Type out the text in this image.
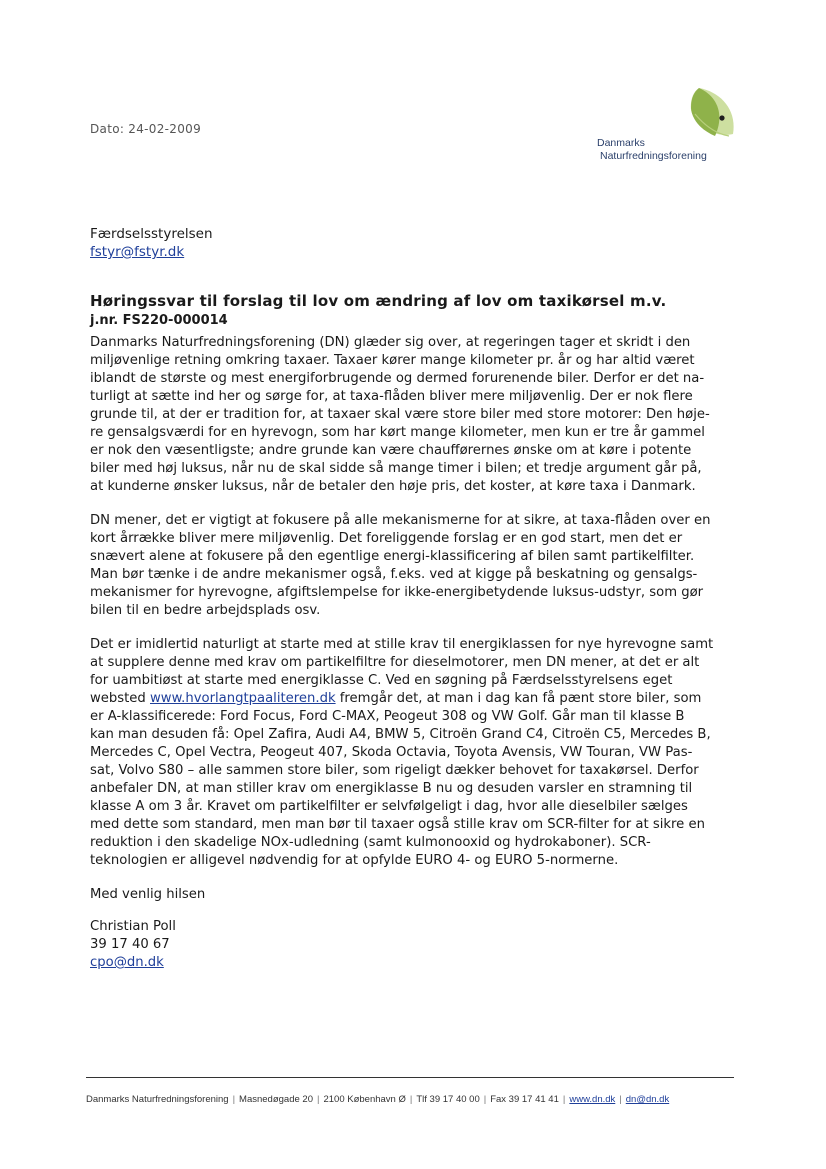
Dato: 24-02-2009
Danmarks
Naturfredningsforening
Færdselsstyrelsen
fstyr@fstyr.dk
Høringssvar til forslag til lov om ændring af lov om taxikørsel m.v.
j.nr. FS220-000014

Danmarks Naturfredningsforening (DN) glæder sig over, at regeringen tager et skridt i den
miljøvenlige retning omkring taxaer. Taxaer kører mange kilometer pr. år og har altid været
iblandt de største og mest energiforbrugende og dermed forurenende biler. Derfor er det na-
turligt at sætte ind her og sørge for, at taxa-flåden bliver mere miljøvenlig. Der er nok flere
grunde til, at der er tradition for, at taxaer skal være store biler med store motorer: Den høje-
re gensalgsværdi for en hyrevogn, som har kørt mange kilometer, men kun er tre år gammel
er nok den væsentligste; andre grunde kan være chaufførernes ønske om at køre i potente
biler med høj luksus, når nu de skal sidde så mange timer i bilen; et tredje argument går på,
at kunderne ønsker luksus, når de betaler den høje pris, det koster, at køre taxa i Danmark.

DN mener, det er vigtigt at fokusere på alle mekanismerne for at sikre, at taxa-flåden over en
kort årrække bliver mere miljøvenlig. Det foreliggende forslag er en god start, men det er
snævert alene at fokusere på den egentlige energi-klassificering af bilen samt partikelfilter.
Man bør tænke i de andre mekanismer også, f.eks. ved at kigge på beskatning og gensalgs-
mekanismer for hyrevogne, afgiftslempelse for ikke-energibetydende luksus-udstyr, som gør
bilen til en bedre arbejdsplads osv.

Det er imidlertid naturligt at starte med at stille krav til energiklassen for nye hyrevogne samt
at supplere denne med krav om partikelfiltre for dieselmotorer, men DN mener, at det er alt
for uambitiøst at starte med energiklasse C. Ved en søgning på Færdselsstyrelsens eget
websted www.hvorlangtpaaliteren.dk fremgår det, at man i dag kan få pænt store biler, som
er A-klassificerede: Ford Focus, Ford C-MAX, Peogeut 308 og VW Golf. Går man til klasse B
kan man desuden få: Opel Zafira, Audi A4, BMW 5, Citroën Grand C4, Citroën C5, Mercedes B,
Mercedes C, Opel Vectra, Peogeut 407, Skoda Octavia, Toyota Avensis, VW Touran, VW Pas-
sat, Volvo S80 – alle sammen store biler, som rigeligt dækker behovet for taxakørsel. Derfor
anbefaler DN, at man stiller krav om energiklasse B nu og desuden varsler en stramning til
klasse A om 3 år. Kravet om partikelfilter er selvfølgeligt i dag, hvor alle dieselbiler sælges
med dette som standard, men man bør til taxaer også stille krav om SCR-filter for at sikre en
reduktion i den skadelige NOx-udledning (samt kulmonooxid og hydrokaboner). SCR-
teknologien er alligevel nødvendig for at opfylde EURO 4- og EURO 5-normerne.

Med venlig hilsen
Christian Poll
39 17 40 67
cpo@dn.dk
Danmarks Naturfredningsforening | Masnedøgade 20 | 2100 København Ø | Tlf 39 17 40 00 | Fax 39 17 41 41 | www.dn.dk | dn@dn.dk
